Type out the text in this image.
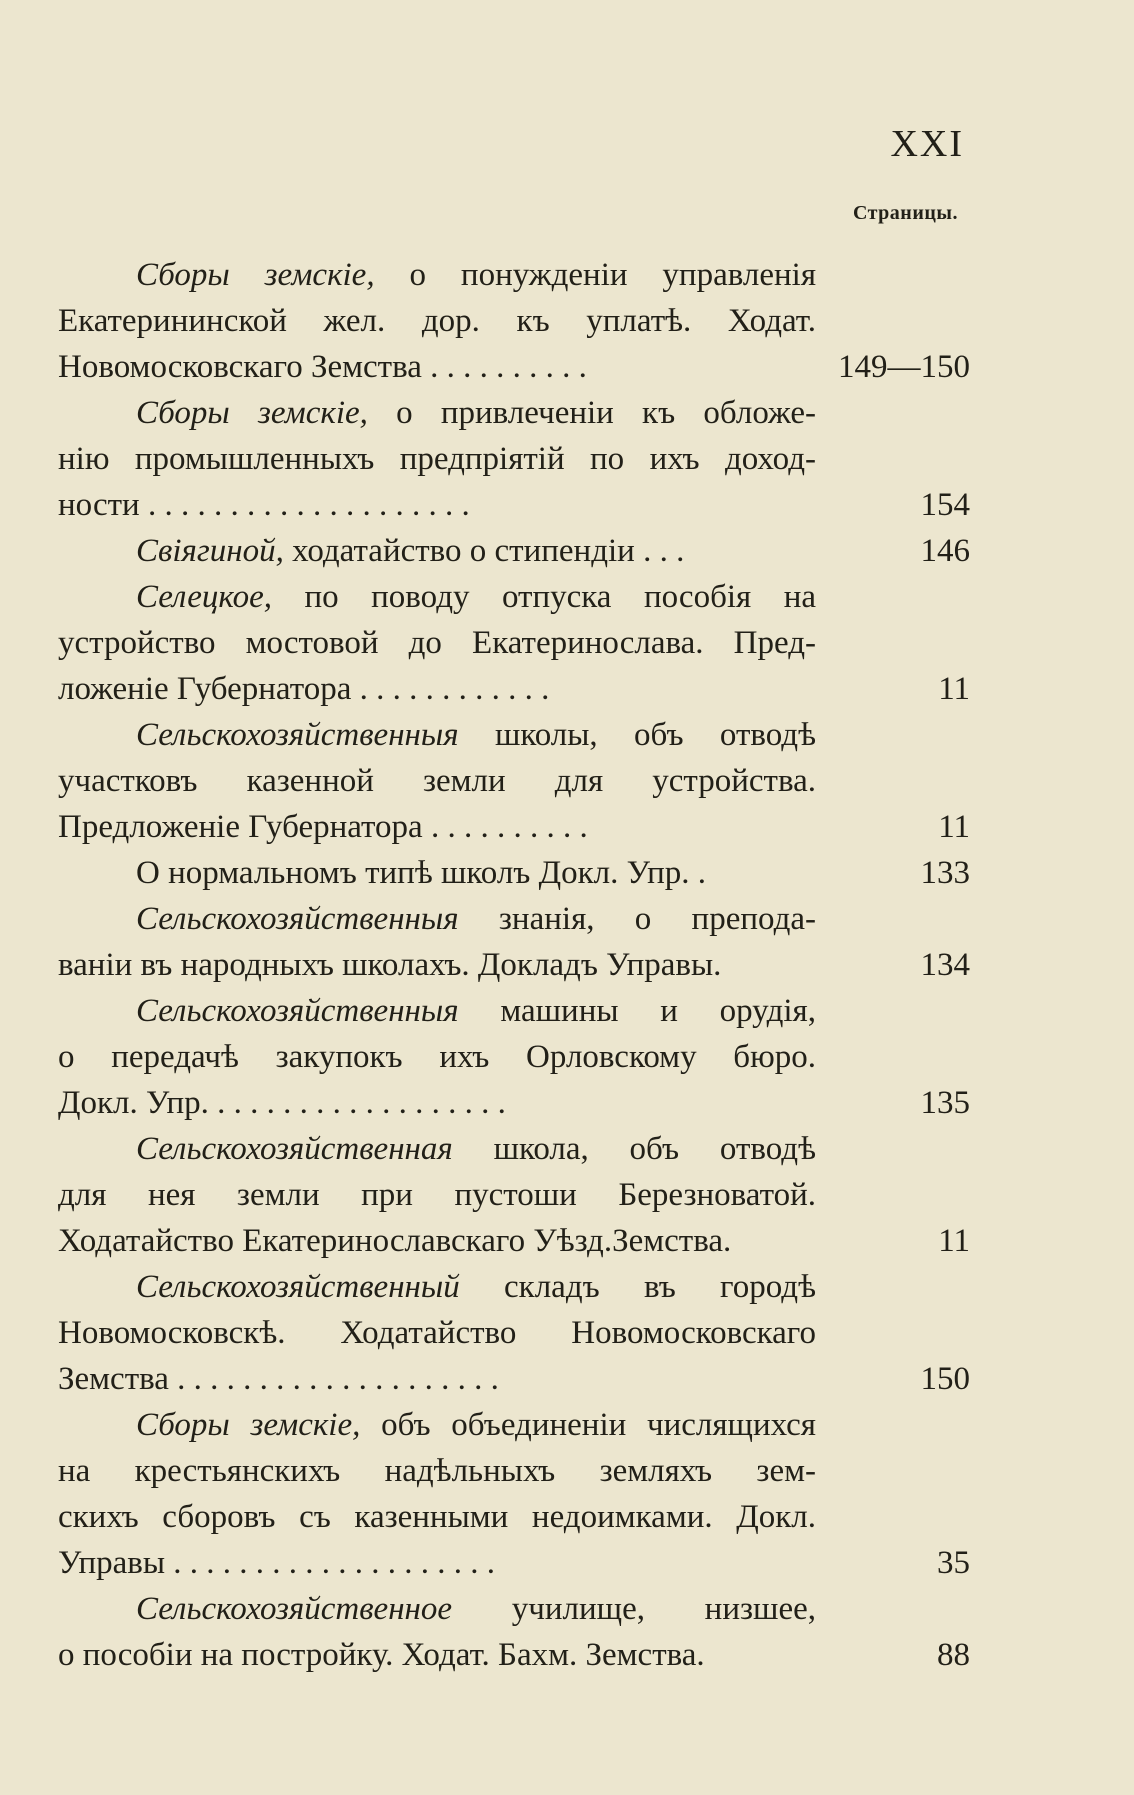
XXI
Страницы.
Сборы земскiе, о понужденiи управленiя
Екатерининской жел. дор. къ уплатѣ. Ходат.
Новомосковскаго Земства . . . . . . . . . .	149—150
Сборы земскiе, о привлеченiи къ обложе-
нiю промышленныхъ предпрiятiй по ихъ доход-
ности . . . . . . . . . . . . . . . . . . . .	154
Свiягиной, ходатайство о стипендiи . . .	146
Селецкое, по поводу отпуска пособiя на
устройство мостовой до Екатеринослава. Пред-
ложенiе Губернатора . . . . . . . . . . . .	11
Сельскохозяйственныя школы, объ отводѣ
участковъ казенной земли для устройства.
Предложенiе Губернатора . . . . . . . . . .	11
О нормальномъ типѣ школъ Докл. Упр. .	133
Сельскохозяйственныя знанiя, о препода-
ванiи въ народныхъ школахъ. Докладъ Управы.	134
Сельскохозяйственныя машины и орудiя,
о передачѣ закупокъ ихъ Орловскому бюро.
Докл. Упр. . . . . . . . . . . . . . . . . . .	135
Сельскохозяйственная школа, объ отводѣ
для нея земли при пустоши Березноватой.
Ходатайство Екатеринославскаго Уѣзд.Земства.	11
Сельскохозяйственный складъ въ городѣ
Новомосковскѣ. Ходатайство Новомосковскаго
Земства . . . . . . . . . . . . . . . . . . . .	150
Сборы земскiе, объ объединенiи числящихся
на крестьянскихъ надѣльныхъ земляхъ зем-
скихъ сборовъ съ казенными недоимками. Докл.
Управы . . . . . . . . . . . . . . . . . . . .	35
Сельскохозяйственное училище, низшее,
о пособiи на постройку. Ходат. Бахм. Земства.	88
